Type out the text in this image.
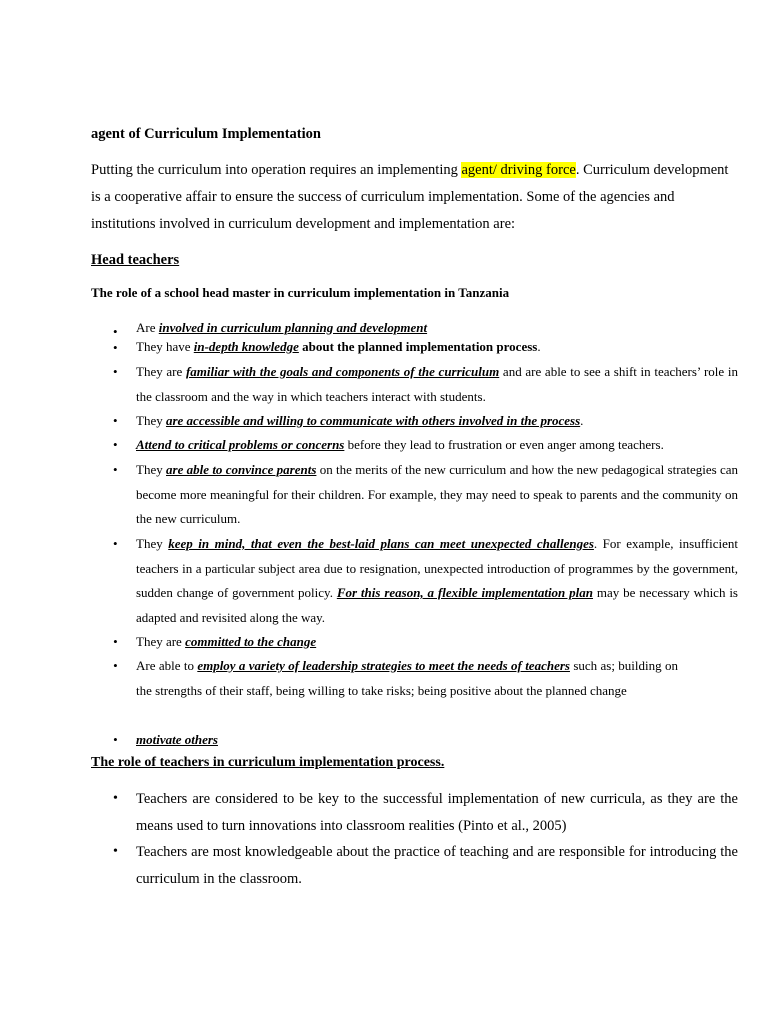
agent of Curriculum Implementation
Putting the curriculum into operation requires an implementing agent/ driving force. Curriculum development is a cooperative affair to ensure the success of curriculum implementation. Some of the agencies and institutions involved in curriculum development and implementation are:
Head teachers
The role of a school head master in curriculum implementation in Tanzania
• Are involved in curriculum planning and development
• They have in-depth knowledge about the planned implementation process.
• They are familiar with the goals and components of the curriculum and are able to see a shift in teachers’ role in the classroom and the way in which teachers interact with students.
• They are accessible and willing to communicate with others involved in the process.
• Attend to critical problems or concerns before they lead to frustration or even anger among teachers.
• They are able to convince parents on the merits of the new curriculum and how the new pedagogical strategies can become more meaningful for their children. For example, they may need to speak to parents and the community on the new curriculum.
• They keep in mind, that even the best-laid plans can meet unexpected challenges. For example, insufficient teachers in a particular subject area due to resignation, unexpected introduction of programmes by the government, sudden change of government policy. For this reason, a flexible implementation plan may be necessary which is adapted and revisited along the way.
• They are committed to the change
• Are able to employ a variety of leadership strategies to meet the needs of teachers such as; building on the strengths of their staff, being willing to take risks; being positive about the planned change
• motivate others
The role of teachers in curriculum implementation process.
• Teachers are considered to be key to the successful implementation of new curricula, as they are the means used to turn innovations into classroom realities (Pinto et al., 2005)
• Teachers are most knowledgeable about the practice of teaching and are responsible for introducing the curriculum in the classroom.
